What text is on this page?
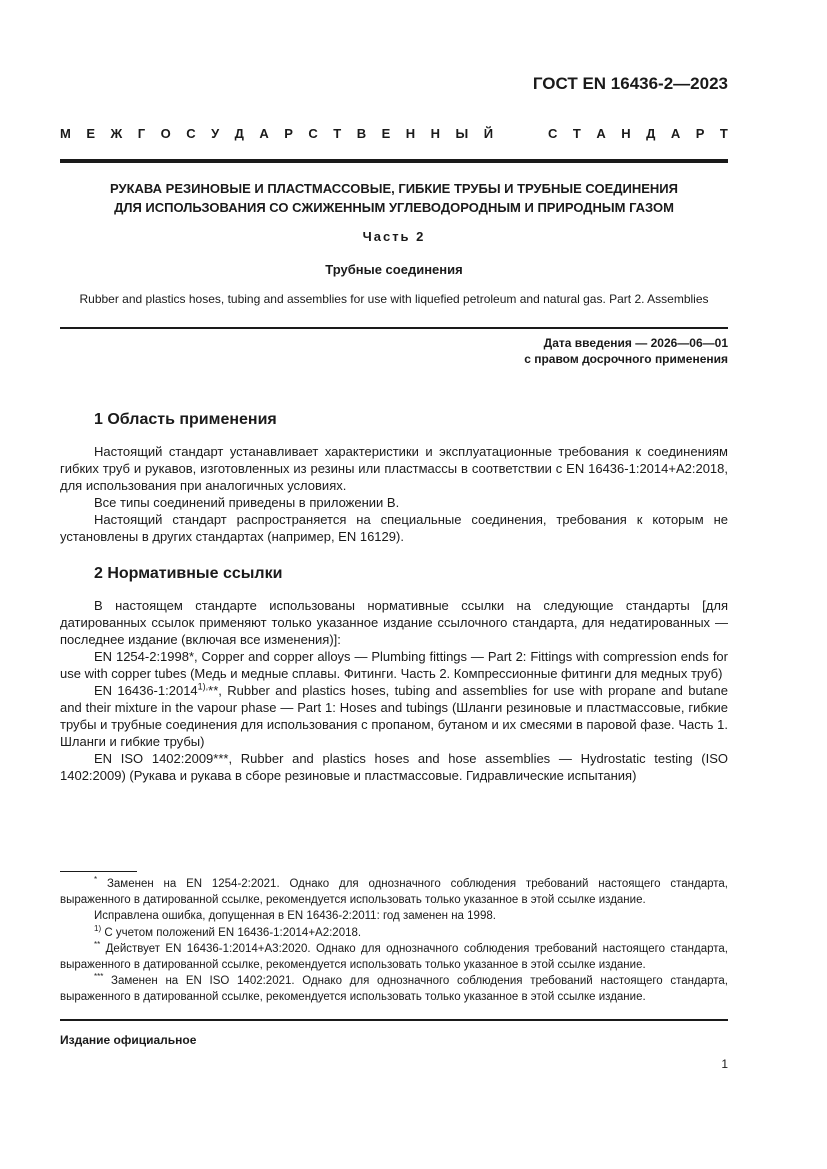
ГОСТ EN 16436-2—2023

М Е Ж Г О С У Д А Р С Т В Е Н Н Ы Й	С Т А Н Д А Р Т
РУКАВА РЕЗИНОВЫЕ И ПЛАСТМАССОВЫЕ, ГИБКИЕ ТРУБЫ И ТРУБНЫЕ СОЕДИНЕНИЯ
ДЛЯ ИСПОЛЬЗОВАНИЯ СО СЖИЖЕННЫМ УГЛЕВОДОРОДНЫМ И ПРИРОДНЫМ ГАЗОМ

Часть 2

Трубные соединения

Rubber and plastics hoses, tubing and assemblies for use with liquefied petroleum and natural gas. Part 2. Assemblies

Дата введения — 2026—06—01
с правом досрочного применения
1 Область применения

Настоящий стандарт устанавливает характеристики и эксплуатационные требования к соединениям гибких труб и рукавов, изготовленных из резины или пластмассы в соответствии с EN 16436-1:2014+A2:2018, для использования при аналогичных условиях.

Все типы соединений приведены в приложении B.

Настоящий стандарт распространяется на специальные соединения, требования к которым не установлены в других стандартах (например, EN 16129).

2 Нормативные ссылки

В настоящем стандарте использованы нормативные ссылки на следующие стандарты [для датированных ссылок применяют только указанное издание ссылочного стандарта, для недатированных — последнее издание (включая все изменения)]:

EN 1254-2:1998*, Copper and copper alloys — Plumbing fittings — Part 2: Fittings with compression ends for use with copper tubes (Медь и медные сплавы. Фитинги. Часть 2. Компрессионные фитинги для медных труб)

EN $16436-1:2014^{1),}**$, Rubber and plastics hoses, tubing and assemblies for use with propane and butane and their mixture in the vapour phase — Part 1: Hoses and tubings (Шланги резиновые и пластмассовые, гибкие трубы и трубные соединения для использования с пропаном, бутаном и их смесями в паровой фазе. Часть 1. Шланги и гибкие трубы)

EN ISO 1402:2009***, Rubber and plastics hoses and hose assemblies — Hydrostatic testing (ISO 1402:2009) (Рукава и рукава в сборе резиновые и пластмассовые. Гидравлические испытания)

* Заменен на EN 1254-2:2021. Однако для однозначного соблюдения требований настоящего стандарта, выраженного в датированной ссылке, рекомендуется использовать только указанное в этой ссылке издание.

Исправлена ошибка, допущенная в EN 16436-2:2011: год заменен на 1998.

$^{1)}$ С учетом положений EN 16436-1:2014+A2:2018.

** Действует EN 16436-1:2014+A3:2020. Однако для однозначного соблюдения требований настоящего стандарта, выраженного в датированной ссылке, рекомендуется использовать только указанное в этой ссылке издание.

*** Заменен на EN ISO 1402:2021. Однако для однозначного соблюдения требований настоящего стандарта, выраженного в датированной ссылке, рекомендуется использовать только указанное в этой ссылке издание.

Издание официальное

1
